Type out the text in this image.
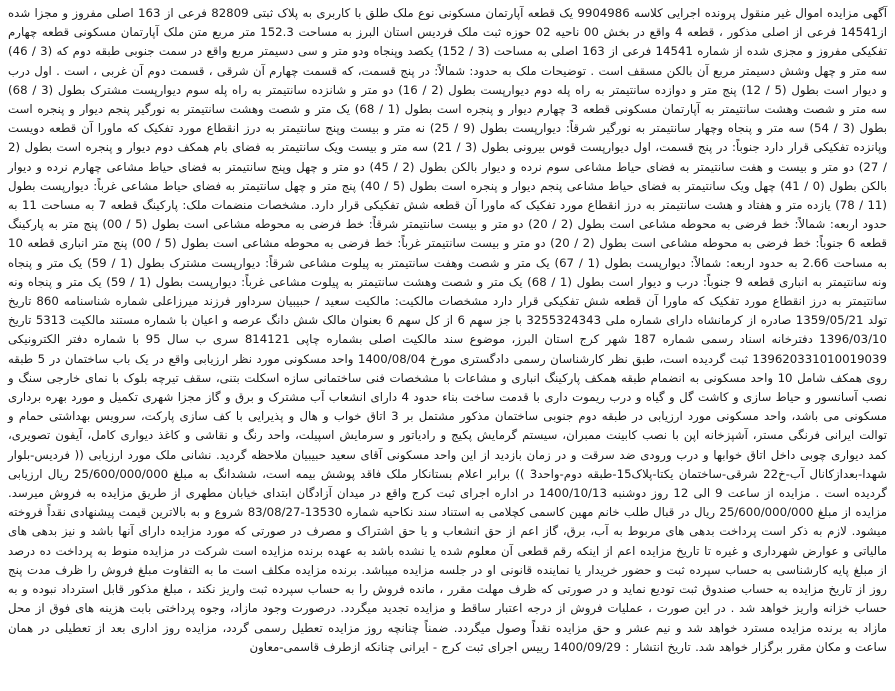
آگهی مزایده اموال غیر منقول پرونده اجرایی کلاسه 9904986 یک قطعه آپارتمان مسکونی نوع ملک طلق با کاربری به پلاک ثبتی 82809 فرعی از 163 اصلی مفروز و مجزا شده از14541 فرعی از اصلی مذکور ، قطعه 4 واقع در بخش 00 ناحیه 02 حوزه ثبت ملک فردیس استان البرز به مساحت 152.3 متر مربع متن ملک آپارتمان مسکونی قطعه چهارم تفکیکی مفروز و مجزی شده از شماره 14541 فرعی از 163 اصلی به مساحت (3 / 152) یکصد وپنجاه ودو متر و سی دسیمتر مربع واقع در سمت جنوبی طبقه دوم که (3 / 46) سه متر و چهل وشش دسیمتر مربع آن بالکن مسقف است . توضیحات ملک به حدود: شمالاً: در پنج قسمت، که قسمت چهارم آن شرقی ، قسمت دوم آن غربی ، است . اول درب و دیوار است بطول (5 / 12) پنج متر و دوازده سانتیمتر به راه پله دوم دیوارپست بطول (2 / 16) دو متر و شانزده سانتیمتر به راه پله سوم دیوارپست مشترک بطول (3 / 68) سه متر و شصت وهشت سانتیمتر به آپارتمان مسکونی قطعه 3 چهارم دیوار و پنجره است بطول (1 / 68) یک متر و شصت وهشت سانتیمتر به نورگیر پنجم دیوار و پنجره است بطول (3 / 54) سه متر و پنجاه وچهار سانتیمتر به نورگیر شرقاً: دیوارپست بطول (9 / 25) نه متر و بیست وپنج سانتیمتر به درز انقطاع مورد تفکیک که ماورا آن قطعه دویست وپانزده تفکیکی قرار دارد جنوباً: در پنج قسمت، اول دیوارپست قوس بیرونی بطول (3 / 21) سه متر و بیست ویک سانتیمتر به فضای بام همکف دوم دیوار و پنجره است بطول (2 / 27) دو متر و بیست و هفت سانتیمتر به فضای حیاط مشاعی سوم نرده و دیوار بالکن بطول (2 / 45) دو متر و چهل وپنج سانتیمتر به فضای حیاط مشاعی چهارم نرده و دیوار بالکن بطول (0 / 41) چهل ویک سانتیمتر به فضای حیاط مشاعی پنجم دیوار و پنجره است بطول (5 / 40) پنج متر و چهل سانتیمتر به فضای حیاط مشاعی غرباً: دیوارپست بطول (11 / 78) یازده متر و هفتاد و هشت سانتیمتر به درز انقطاع مورد تفکیک که ماورا آن قطعه شش تفکیکی قرار دارد. مشخصات منضمات ملک: پارکینگ قطعه 7 به مساحت 11 به حدود اربعه: شمالاً: خط فرضی به محوطه مشاعی است بطول (2 / 20) دو متر و بیست سانتیمتر شرقاً: خط فرضی به محوطه مشاعی است بطول (5 / 00) پنج متر به پارکینگ قطعه 6 جنوباً: خط فرضی به محوطه مشاعی است بطول (2 / 20) دو متر و بیست سانتیمتر غرباً: خط فرضی به محوطه مشاعی است بطول (5 / 00) پنج متر انباری قطعه 10 به مساحت 2.66 به حدود اربعه: شمالاً: دیوارپست بطول (1 / 67) یک متر و شصت وهفت سانتیمتر به پیلوت مشاعی شرقاً: دیوارپست مشترک بطول (1 / 59) یک متر و پنجاه ونه سانتیمتر به انباری قطعه 9 جنوباً: درب و دیوار است بطول (1 / 68) یک متر و شصت وهشت سانتیمتر به پیلوت مشاعی غرباً: دیوارپست بطول (1 / 59) یک متر و پنجاه ونه سانتیمتر به درز انقطاع مورد تفکیک که ماورا آن قطعه شش تفکیکی قرار دارد مشخصات مالکیت: مالکیت سعید / حبیبیان سرداور فرزند میرزاعلی شماره شناسنامه 860 تاریخ تولد 1359/05/21 صادره از کرمانشاه دارای شماره ملی 3255324343 با جز سهم 6 از کل سهم 6 بعنوان مالک شش دانگ عرصه و اعیان با شماره مستند مالکیت 5313 تاریخ 1396/03/10 دفترخانه اسناد رسمی شماره 187 شهر کرج استان البرز، موضوع سند مالکیت اصلی بشماره چاپی 814121 سری ب سال 95 با شماره دفتر الکترونیکی 139620331010019039 ثبت گردیده است، طبق نظر کارشناسان رسمی دادگستری مورخ 1400/08/04 واحد مسکونی مورد نظر ارزیابی واقع در یک باب ساختمان در 5 طبقه روی همکف شامل 10 واحد مسکونی به انضمام طبقه همکف پارکینگ انباری و مشاعات با مشخصات فنی ساختمانی سازه اسکلت بتنی، سقف تیرچه بلوک با نمای خارجی سنگ و نصب آسانسور و حیاط سازی و کاشت گل و گیاه و درب ریموت داری با قدمت ساخت بناء حدود 4 دارای انشعاب آب مشترک و برق و گاز مجزا شهری تکمیل و مورد بهره برداری مسکونی می باشد، واحد مسکونی مورد ارزیابی در طبقه دوم جنوبی ساختمان مذکور مشتمل بر 3 اتاق خواب و هال و پذیرایی با کف سازی پارکت، سرویس بهداشتی حمام و توالت ایرانی فرنگی مستر، آشپزخانه اپن با نصب کابینت ممبران، سیستم گرمایش پکیج و رادیاتور و سرمایش اسپیلت، واحد رنگ و نقاشی و کاغذ دیواری کامل، آیفون تصویری، کمد دیواری چوبی داخل اتاق خوابها و درب ورودی ضد سرقت و در زمان بازدید از این واحد مسکونی آقای سعید حبیبیان ملاحظه گردید. نشانی ملک مورد ارزیابی (( فردیس-بلوار شهدا-بعدازکانال آب-خ22 شرقی-ساختمان یکتا-پلاک15-طبقه دوم-واحد3 )) برابر اعلام بستانکار ملک فاقد پوشش بیمه است، ششدانگ به مبلغ 25/600/000/000 ریال ارزیابی گردیده است . مزایده از ساعت 9 الی 12 روز دوشنبه 1400/10/13 در اداره اجرای ثبت کرج واقع در میدان آزادگان ابتدای خیابان مطهری از طریق مزایده به فروش میرسد. مزایده از مبلغ 25/600/000/000 ریال در قبال طلب خانم مهین کاسمی کچلامی به استناد سند نکاحیه شماره 13530-83/08/27 شروع و به بالاترین قیمت پیشنهادی نقداً فروخته میشود. لازم به ذکر است پرداخت بدهی های مربوط به آب، برق، گاز اعم از حق انشعاب و یا حق اشتراک و مصرف در صورتی که مورد مزایده دارای آنها باشد و نیز بدهی های مالیاتی و عوارض شهرداری و غیره تا تاریخ مزایده اعم از اینکه رقم قطعی آن معلوم شده یا نشده باشد به عهده برنده مزایده است شرکت در مزایده منوط به پرداخت ده درصد از مبلغ پایه کارشناسی به حساب سپرده ثبت و حضور خریدار یا نماینده قانونی او در جلسه مزایده میباشد. برنده مزایده مکلف است ما به التفاوت مبلغ فروش را ظرف مدت پنج روز از تاریخ مزایده به حساب صندوق ثبت تودیع نماید و در صورتی که ظرف مهلت مقرر ، مانده فروش را به حساب سپرده ثبت واریز نکند ، مبلغ مذکور قابل استرداد نبوده و به حساب خزانه واریز خواهد شد . در این صورت ، عملیات فروش از درجه اعتبار ساقط و مزایده تجدید میگردد. درصورت وجود مازاد، وجوه پرداختی بابت هزینه های فوق از محل مازاد به برنده مزایده مسترد خواهد شد و نیم عشر و حق مزایده نقداً وصول میگردد. ضمناً چنانچه روز مزایده تعطیل رسمی گردد، مزایده روز اداری بعد از تعطیلی در همان ساعت و مکان مقرر برگزار خواهد شد. تاریخ انتشار : 1400/09/29 رییس اجرای ثبت کرج - ایرانی چنانکه ازطرف قاسمی-معاون
